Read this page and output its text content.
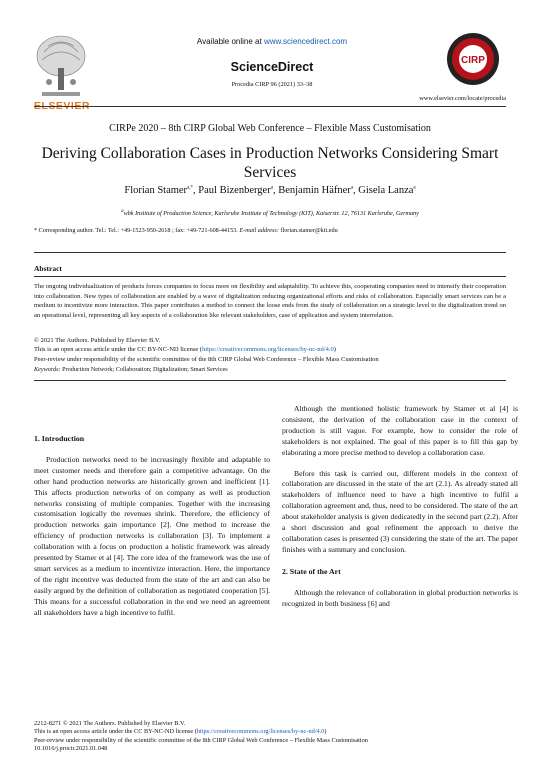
ELSEVIER
Available online at www.sciencedirect.com
ScienceDirect
Procedia CIRP 96 (2021) 33–38
CIRP
www.elsevier.com/locate/procedia
CIRPe 2020 – 8th CIRP Global Web Conference – Flexible Mass Customisation
Deriving Collaboration Cases in Production Networks Considering Smart Services
Florian Stamer$^{a,*}$, Paul Bizenberger$^a$, Benjamin Häfner$^a$, Gisela Lanza$^a$
$^a$wbk Institute of Production Science, Karlsruhe Institute of Technology (KIT), Kaiserstr. 12, 76131 Karlsruhe, Germany
* Corresponding author. Tel.: Tel.: +49-1523-950-2618 ; fax: +49-721-608-44153. E-mail address: florian.stamer@kit.edu
Abstract
The ongoing individualization of products forces companies to focus more on flexibility and adaptability. To achieve this, cooperating companies need to intensify their cooperation into collaboration. New types of collaboration are enabled by a wave of digitalization reducing organizational efforts and risks of collaboration. Especially smart services can be a medium to incentivize more interaction. This paper contributes a method to connect the loose ends from the study of collaboration on a strategic level to the digitalization trend on an operational level, representing all key aspects of a collaboration like relevant stakeholders, case of application and system interrelation.
© 2021 The Authors. Published by Elsevier B.V.
This is an open access article under the CC BY-NC-ND license (https://creativecommons.org/licenses/by-nc-nd/4.0)
Peer-review under responsibility of the scientific committee of the 8th CIRP Global Web Conference – Flexible Mass Customisation
Keywords: Production Network; Collaboration; Digitalization; Smart Services
1. Introduction

Production networks need to be increasingly flexible and adaptable to meet customer needs and therefore gain a competitive advantage. On the other hand production networks are historically grown and inefficient [1]. This affects production networks of on company as well as production networks consisting of multiple companies. Together with the increasing customisation logically the revenues shrink. Therefore, the efficiency of production networks gain importance [2]. One method to increase the efficiency of production networks is collaboration [3]. To implement a collaboration with a focus on production a holistic framework was already presented by Stamer et al [4]. The core idea of the framework was the use of smart services as a medium to incentivize interaction. Here, the importance of the right incentive was deducted from the state of the art and can also be easily argued by the definition of collaboration as negotiated cooperation [5]. This means for a successful collaboration in the end we need an agreement all stakeholders have a high incentive to fulfil.

Although the mentioned holistic framework by Stamer et al [4] is consistent, the derivation of the collaboration case in the context of production is still vague. For example, how to consider the role of stakeholders is not explained. The goal of this paper is to fill this gap by elaborating a more precise method to develop a collaboration case.

Before this task is carried out, different models in the context of collaboration are discussed in the state of the art (2.1). As already stated all stakeholders of influence need to have a high incentive to fulfil a collaboration agreement and, thus, need to be considered. The state of the art about stakeholder analysis is given dedicatedly in the second part (2.2). After a short discussion and goal refinement the approach to derive the collaboration cases is presented (3) considering the state of the art. The paper finishes with a summary and conclusion.

2. State of the Art

Although the relevance of collaboration in global production networks is recognized in both business [6] and

2212-8271 © 2021 The Authors. Published by Elsevier B.V.
This is an open access article under the CC BY-NC-ND license (https://creativecommons.org/licenses/by-nc-nd/4.0)
Peer-review under responsibility of the scientific committee of the 8th CIRP Global Web Conference – Flexible Mass Customisation
10.1016/j.procir.2021.01.048
